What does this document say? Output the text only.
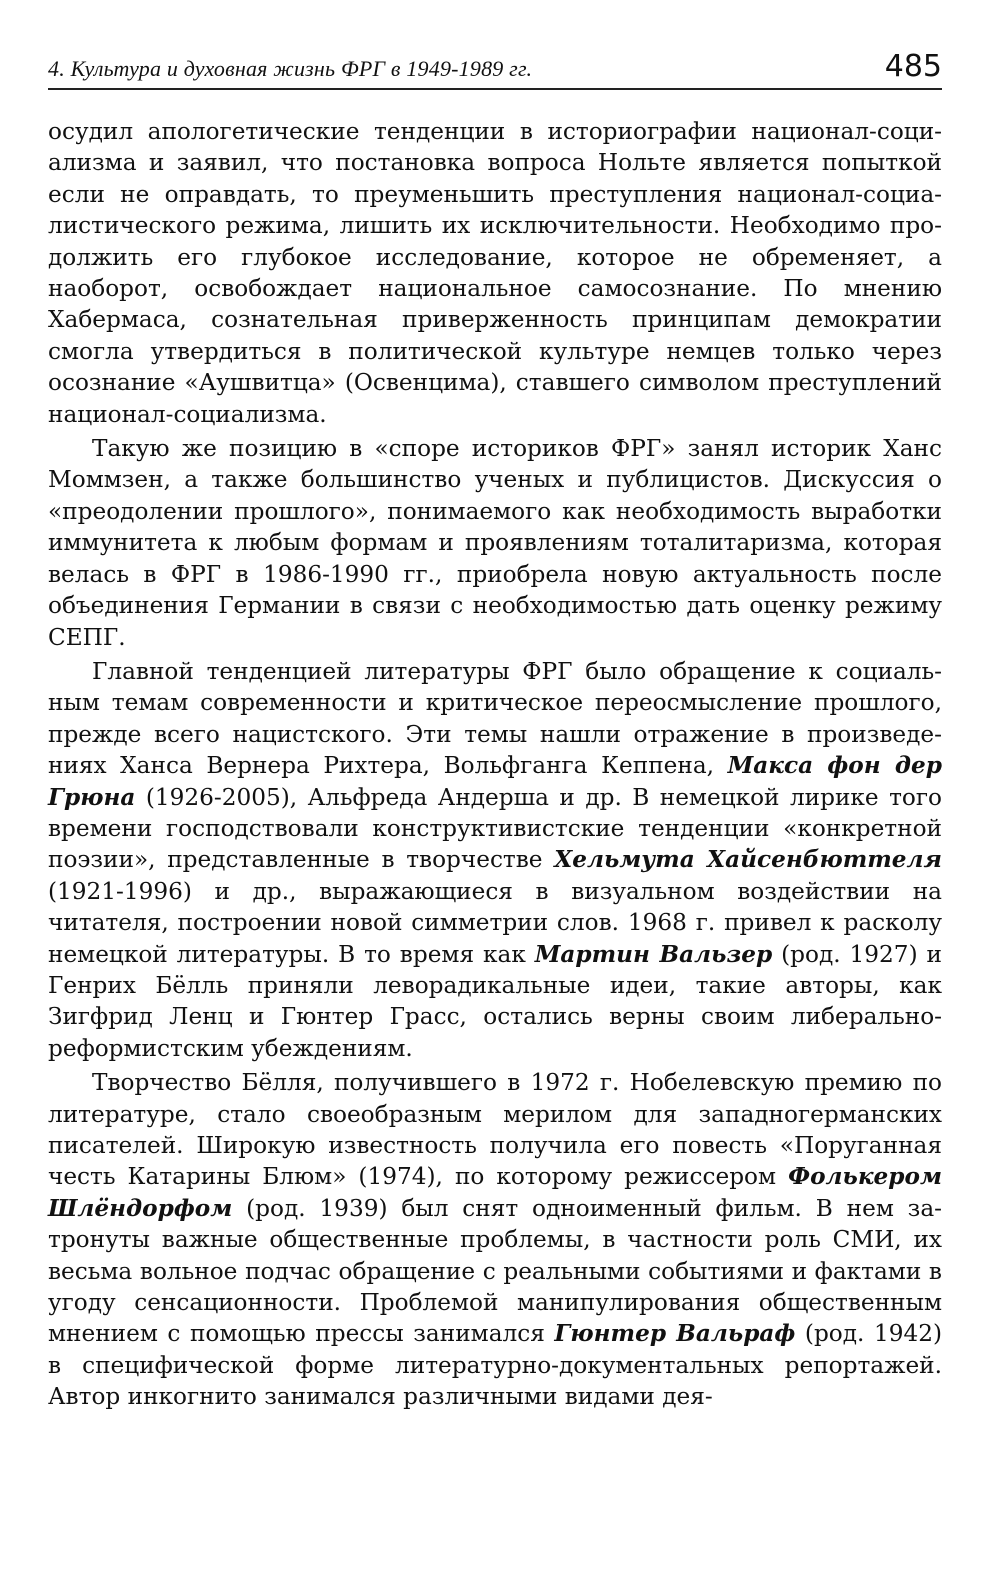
4. Культура и духовная жизнь ФРГ в 1949-1989 гг.	485

осудил апологетические тенденции в историографии национал-социализма и заявил, что постановка вопроса Нольте является попыткой если не оправдать, то преуменьшить преступления национал-социалистического режима, лишить их исключительности. Необходимо продолжить его глубокое исследование, которое не обременяет, а наоборот, освобождает национальное самосознание. По мнению Хабермаса, сознательная приверженность принципам демократии смогла утвердиться в политической культуре немцев только через осознание «Аушвитца» (Освенцима), ставшего символом преступлений национал-социализма.

Такую же позицию в «споре историков ФРГ» занял историк Ханс Моммзен, а также большинство ученых и публицистов. Дискуссия о «преодолении прошлого», понимаемого как необходимость выработки иммунитета к любым формам и проявлениям тоталитаризма, которая велась в ФРГ в 1986-1990 гг., приобрела новую актуальность после объединения Германии в связи с необходимостью дать оценку режиму СЕПГ.

Главной тенденцией литературы ФРГ было обращение к социальным темам современности и критическое переосмысление прошлого, прежде всего нацистского. Эти темы нашли отражение в произведениях Ханса Вернера Рихтера, Вольфганга Кеппена, Макса фон дер Грюна (1926-2005), Альфреда Андерша и др. В немецкой лирике того времени господствовали конструктивистские тенденции «конкретной поэзии», представленные в творчестве Хельмута Хайсенбюттеля (1921-1996) и др., выражающиеся в визуальном воздействии на читателя, построении новой симметрии слов. 1968 г. привел к расколу немецкой литературы. В то время как Мартин Вальзер (род. 1927) и Генрих Бёлль приняли леворадикальные идеи, такие авторы, как Зигфрид Ленц и Гюнтер Грасс, остались верны своим либерально-реформистским убеждениям.

Творчество Бёлля, получившего в 1972 г. Нобелевскую премию по литературе, стало своеобразным мерилом для западногерманских писателей. Широкую известность получила его повесть «Поруганная честь Катарины Блюм» (1974), по которому режиссером Фолькером Шлёндорфом (род. 1939) был снят одноименный фильм. В нем затронуты важные общественные проблемы, в частности роль СМИ, их весьма вольное подчас обращение с реальными событиями и фактами в угоду сенсационности. Проблемой манипулирования общественным мнением с помощью прессы занимался Гюнтер Вальраф (род. 1942) в специфической форме литературно-документальных репортажей. Автор инкогнито занимался различными видами дея-
